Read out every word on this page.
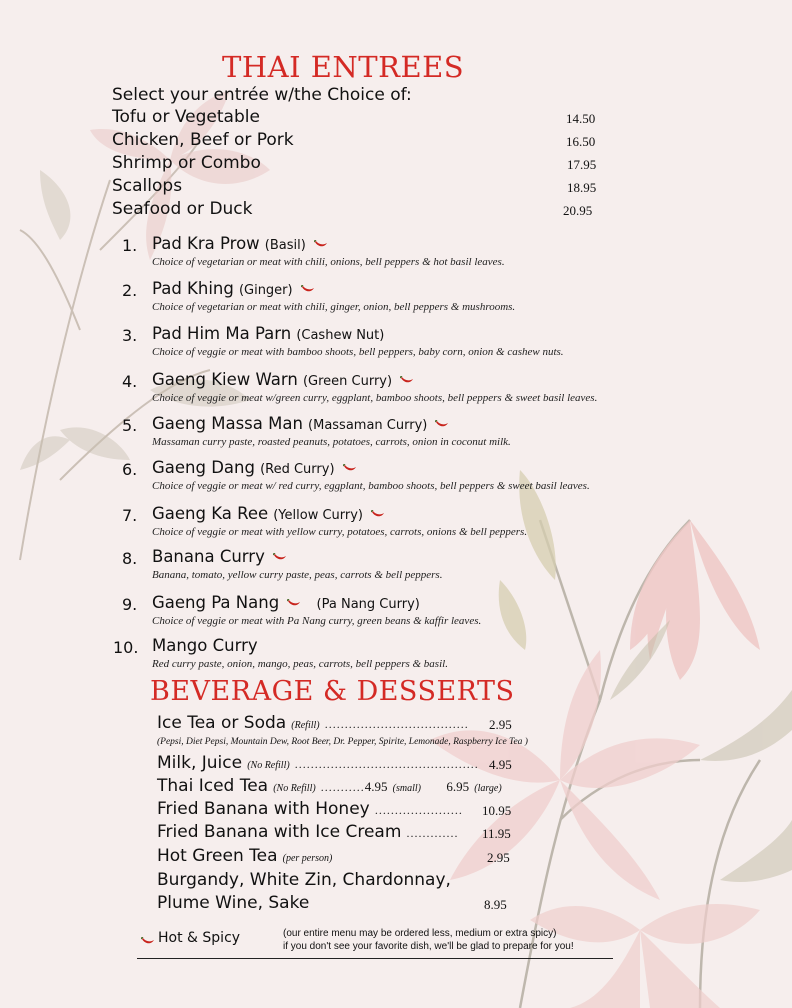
THAI ENTREES
Select your entrée w/the Choice of:
Tofu or Vegetable	14.50
Chicken, Beef or Pork	16.50
Shrimp or Combo	17.95
Scallops	18.95
Seafood or Duck	20.95
1. Pad Kra Prow (Basil)
Choice of vegetarian or meat with chili, onions, bell peppers & hot basil leaves.
2. Pad Khing (Ginger)
Choice of vegetarian or meat with chili, ginger, onion, bell peppers & mushrooms.
3. Pad Him Ma Parn (Cashew Nut)
Choice of veggie or meat with bamboo shoots, bell peppers, baby corn, onion & cashew nuts.
4. Gaeng Kiew Warn (Green Curry)
Choice of veggie or meat w/green curry, eggplant, bamboo shoots, bell peppers & sweet basil leaves.
5. Gaeng Massa Man (Massaman Curry)
Massaman curry paste, roasted peanuts, potatoes, carrots, onion in coconut milk.
6. Gaeng Dang (Red Curry)
Choice of veggie or meat w/ red curry, eggplant, bamboo shoots, bell peppers & sweet basil leaves.
7. Gaeng Ka Ree (Yellow Curry)
Choice of veggie or meat with yellow curry, potatoes, carrots, onions & bell peppers.
8. Banana Curry
Banana, tomato, yellow curry paste, peas, carrots & bell peppers.
9. Gaeng Pa Nang	(Pa Nang Curry)
Choice of veggie or meat with Pa Nang curry, green beans & kaffir leaves.
10. Mango Curry
Red curry paste, onion, mango, peas, carrots, bell peppers & basil.
BEVERAGE & DESSERTS
Ice Tea or Soda (Refill) .................................... 2.95
(Pepsi, Diet Pepsi, Mountain Dew, Root Beer, Dr. Pepper, Spirite, Lemonade, Raspberry Ice Tea )
Milk, Juice (No Refill) .............................................. 4.95
Thai Iced Tea (No Refill) ...........4.95 (small) 6.95 (large)
Fried Banana with Honey ...................... 10.95
Fried Banana with Ice Cream ............. 11.95
Hot Green Tea (per person)	2.95
Burgandy, White Zin, Chardonnay,
Plume Wine, Sake	8.95
Hot & Spicy	(our entire menu may be ordered less, medium or extra spicy)
if you don't see your favorite dish, we'll be glad to prepare for you!
